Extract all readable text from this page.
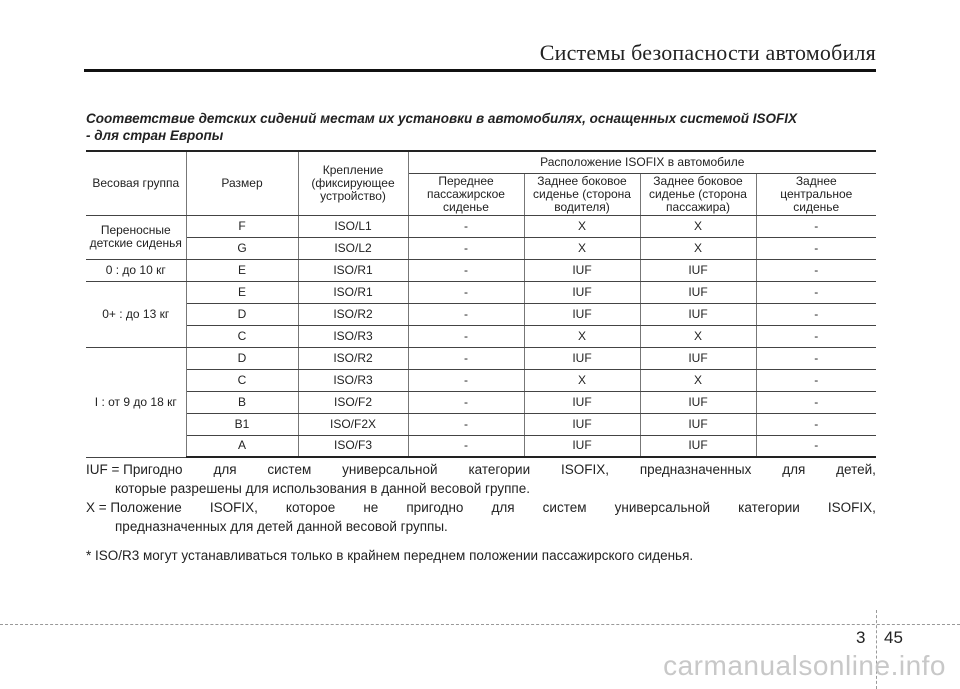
Системы безопасности автомобиля
Соответствие детских сидений местам их установки в автомобилях, оснащенных системой ISOFIX
- для стран Европы
Весовая группа	Размер	Крепление (фиксирующее устройство)	Расположение ISOFIX в автомобиле			
			Переднее пассажирское сиденье	Заднее боковое сиденье (сторона водителя)	Заднее боковое сиденье (сторона пассажира)	Заднее центральное сиденье
Переносные детские сиденья	F	ISO/L1	-	X	X	-
	G	ISO/L2	-	X	X	-
0 : до 10 кг	E	ISO/R1	-	IUF	IUF	-
0+ : до 13 кг	E	ISO/R1	-	IUF	IUF	-
	D	ISO/R2	-	IUF	IUF	-
	C	ISO/R3	-	X	X	-
I : от 9 до 18 кг	D	ISO/R2	-	IUF	IUF	-
	C	ISO/R3	-	X	X	-
	B	ISO/F2	-	IUF	IUF	-
	B1	ISO/F2X	-	IUF	IUF	-
	A	ISO/F3	-	IUF	IUF	-
IUF = Пригодно для систем универсальной категории ISOFIX, предназначенных для детей,
которые разрешены для использования в данной весовой группе.
X = Положение ISOFIX, которое не пригодно для систем универсальной категории ISOFIX,
предназначенных для детей данной весовой группы.
* ISO/R3 могут устанавливаться только в крайнем переднем положении пассажирского сиденья.
3 45
carmanualsonline.info
